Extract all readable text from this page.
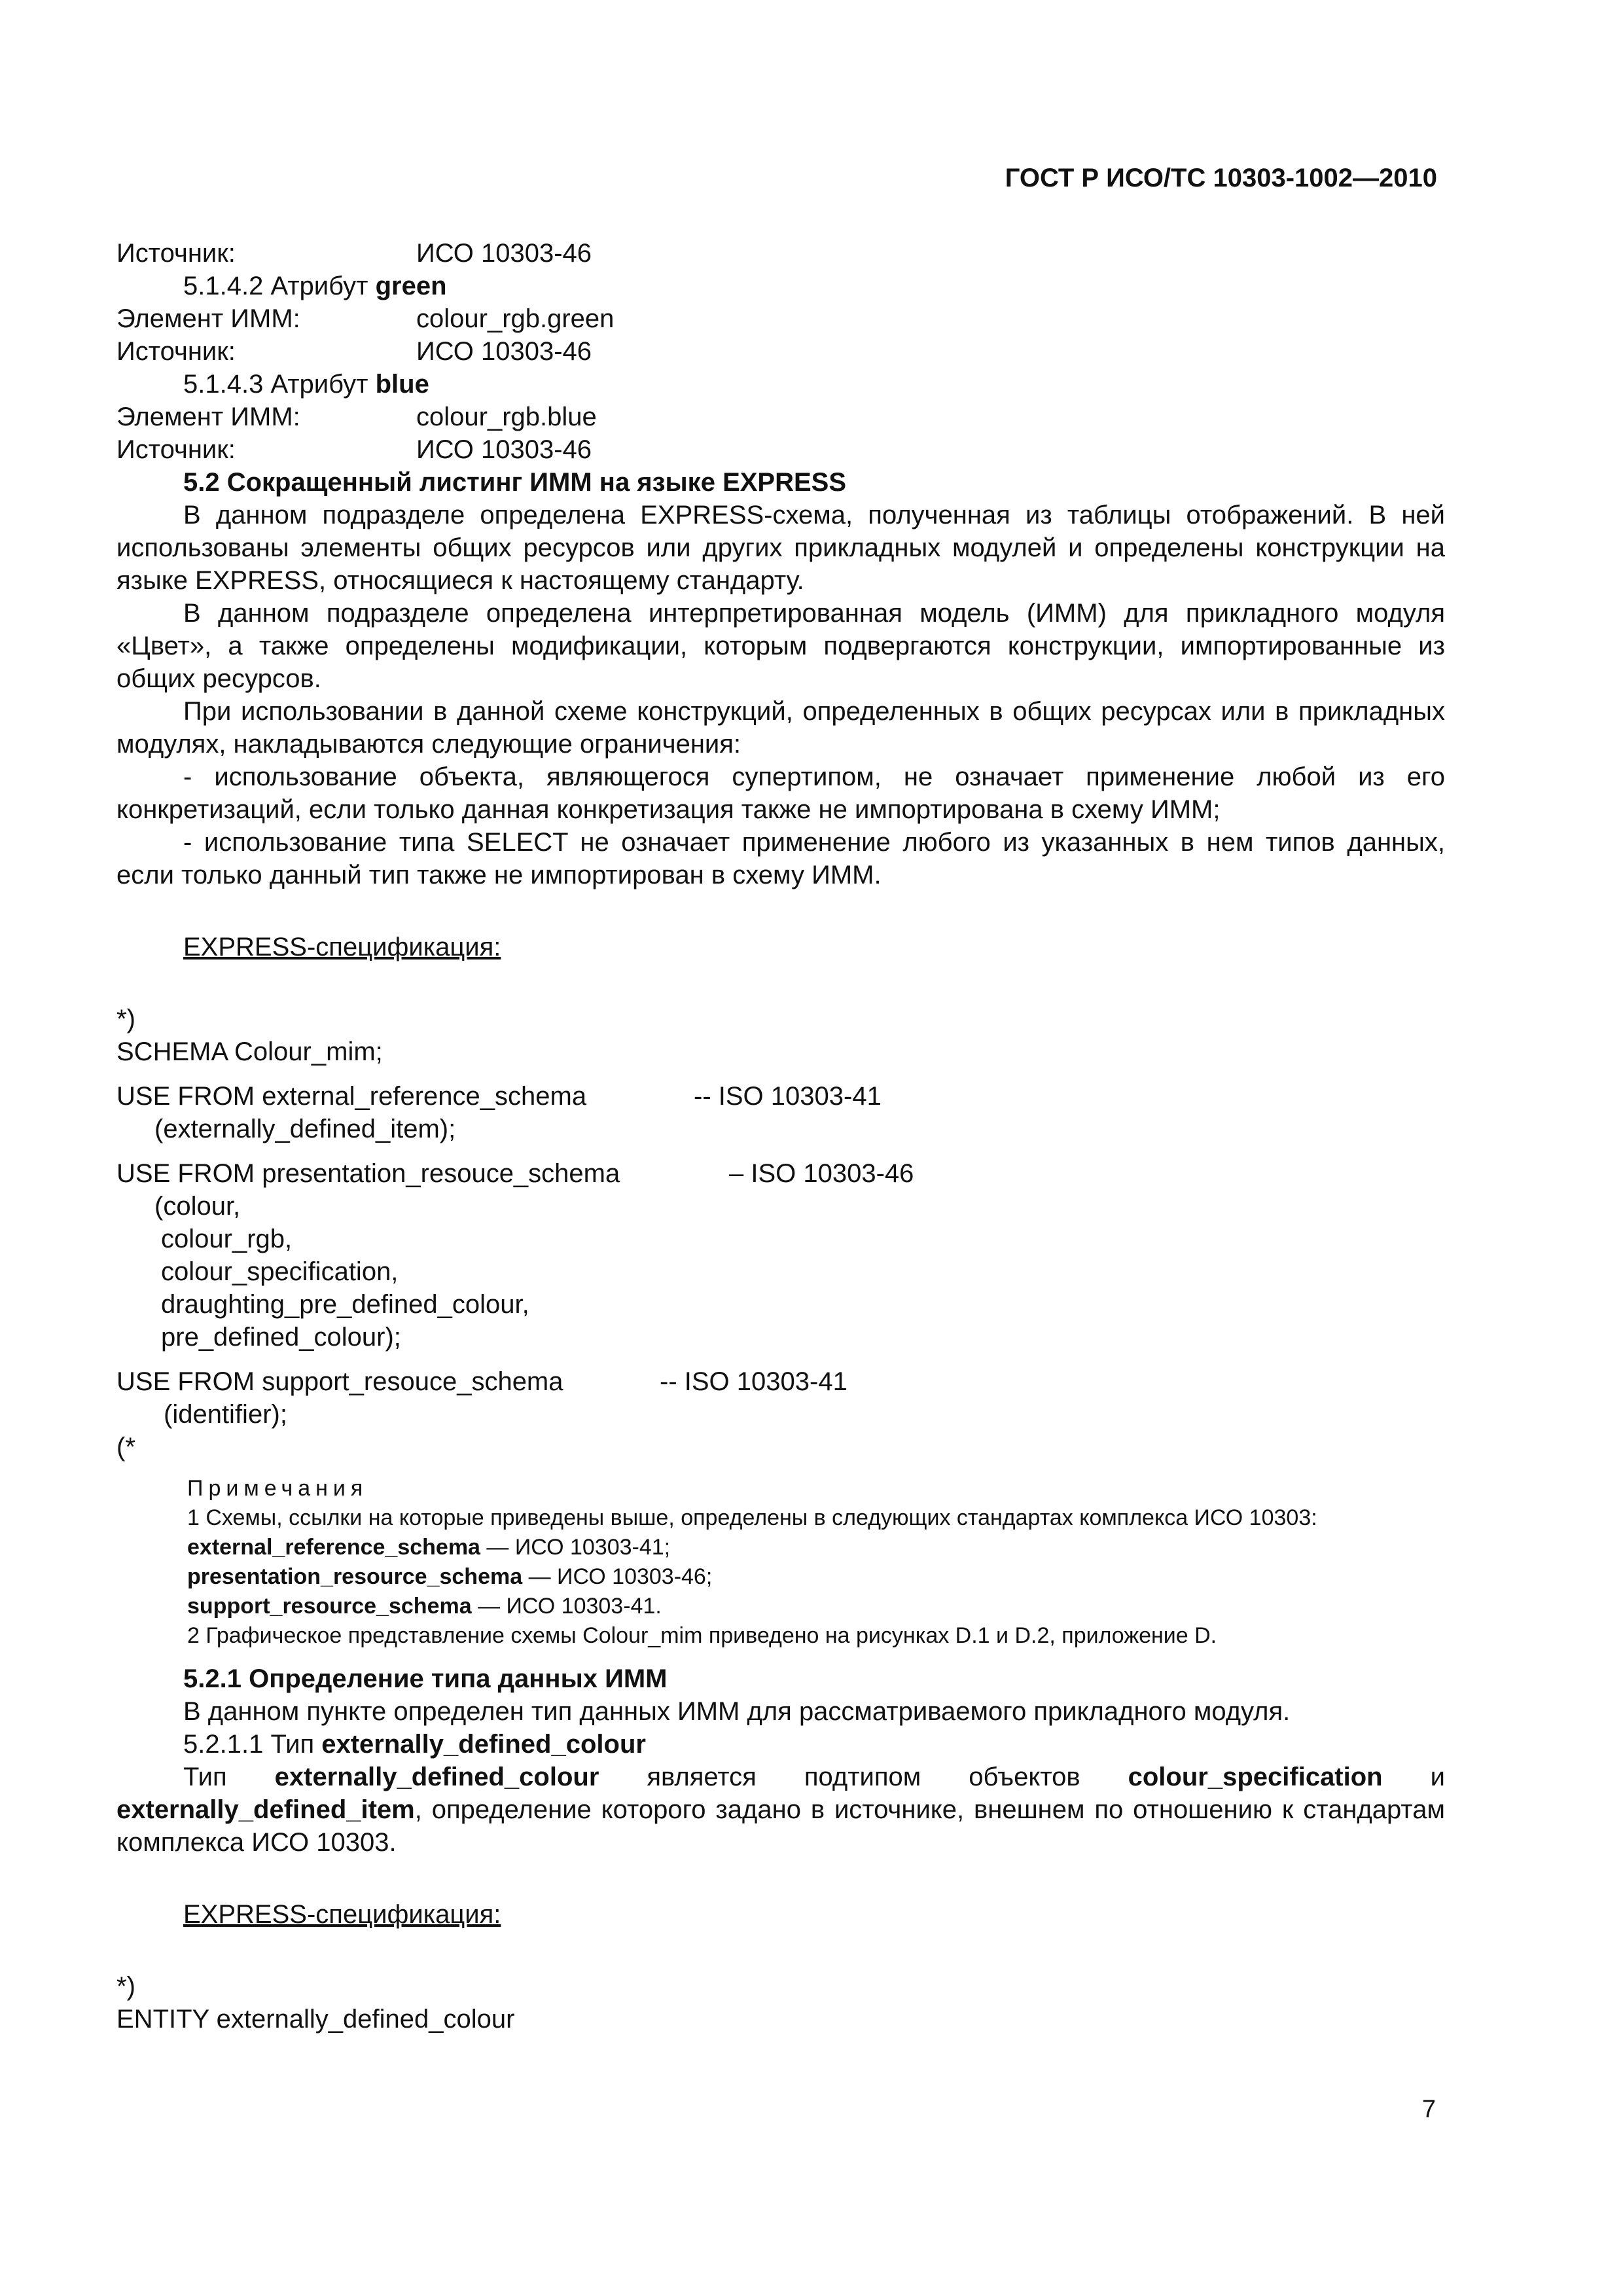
ГОСТ Р ИСО/ТС 10303-1002—2010
Источник:	ИСО 10303-46
5.1.4.2 Атрибут green
Элемент ИММ:	colour_rgb.green
Источник:	ИСО 10303-46
5.1.4.3 Атрибут blue
Элемент ИММ:	colour_rgb.blue
Источник:	ИСО 10303-46
5.2 Сокращенный листинг ИММ на языке EXPRESS
В данном подразделе определена EXPRESS-схема, полученная из таблицы отображений. В ней использованы элементы общих ресурсов или других прикладных модулей и определены конструкции на языке EXPRESS, относящиеся к настоящему стандарту.
В данном подразделе определена интерпретированная модель (ИММ) для прикладного модуля «Цвет», а также определены модификации, которым подвергаются конструкции, импортированные из общих ресурсов.
При использовании в данной схеме конструкций, определенных в общих ресурсах или в прикладных модулях, накладываются следующие ограничения:
- использование объекта, являющегося супертипом, не означает применение любой из его конкретизаций, если только данная конкретизация также не импортирована в схему ИММ;
- использование типа SELECT не означает применение любого из указанных в нем типов данных, если только данный тип также не импортирован в схему ИММ.
EXPRESS-спецификация:
*)
SCHEMA Colour_mim;
USE FROM external_reference_schema	-- ISO 10303-41
(externally_defined_item);
USE FROM presentation_resouce_schema	– ISO 10303-46
(colour,
colour_rgb,
colour_specification,
draughting_pre_defined_colour,
pre_defined_colour);
USE FROM support_resouce_schema	-- ISO 10303-41
(identifier);
(*
Примечания
1 Схемы, ссылки на которые приведены выше, определены в следующих стандартах комплекса ИСО 10303:
external_reference_schema — ИСО 10303-41;
presentation_resource_schema — ИСО 10303-46;
support_resource_schema — ИСО 10303-41.
2 Графическое представление схемы Colour_mim приведено на рисунках D.1 и D.2, приложение D.
5.2.1 Определение типа данных ИММ
В данном пункте определен тип данных ИММ для рассматриваемого прикладного модуля.
5.2.1.1 Тип externally_defined_colour
Тип externally_defined_colour является подтипом объектов colour_specification и
externally_defined_item, определение которого задано в источнике, внешнем по отношению к стандартам комплекса ИСО 10303.
EXPRESS-спецификация:
*)
ENTITY externally_defined_colour
7
